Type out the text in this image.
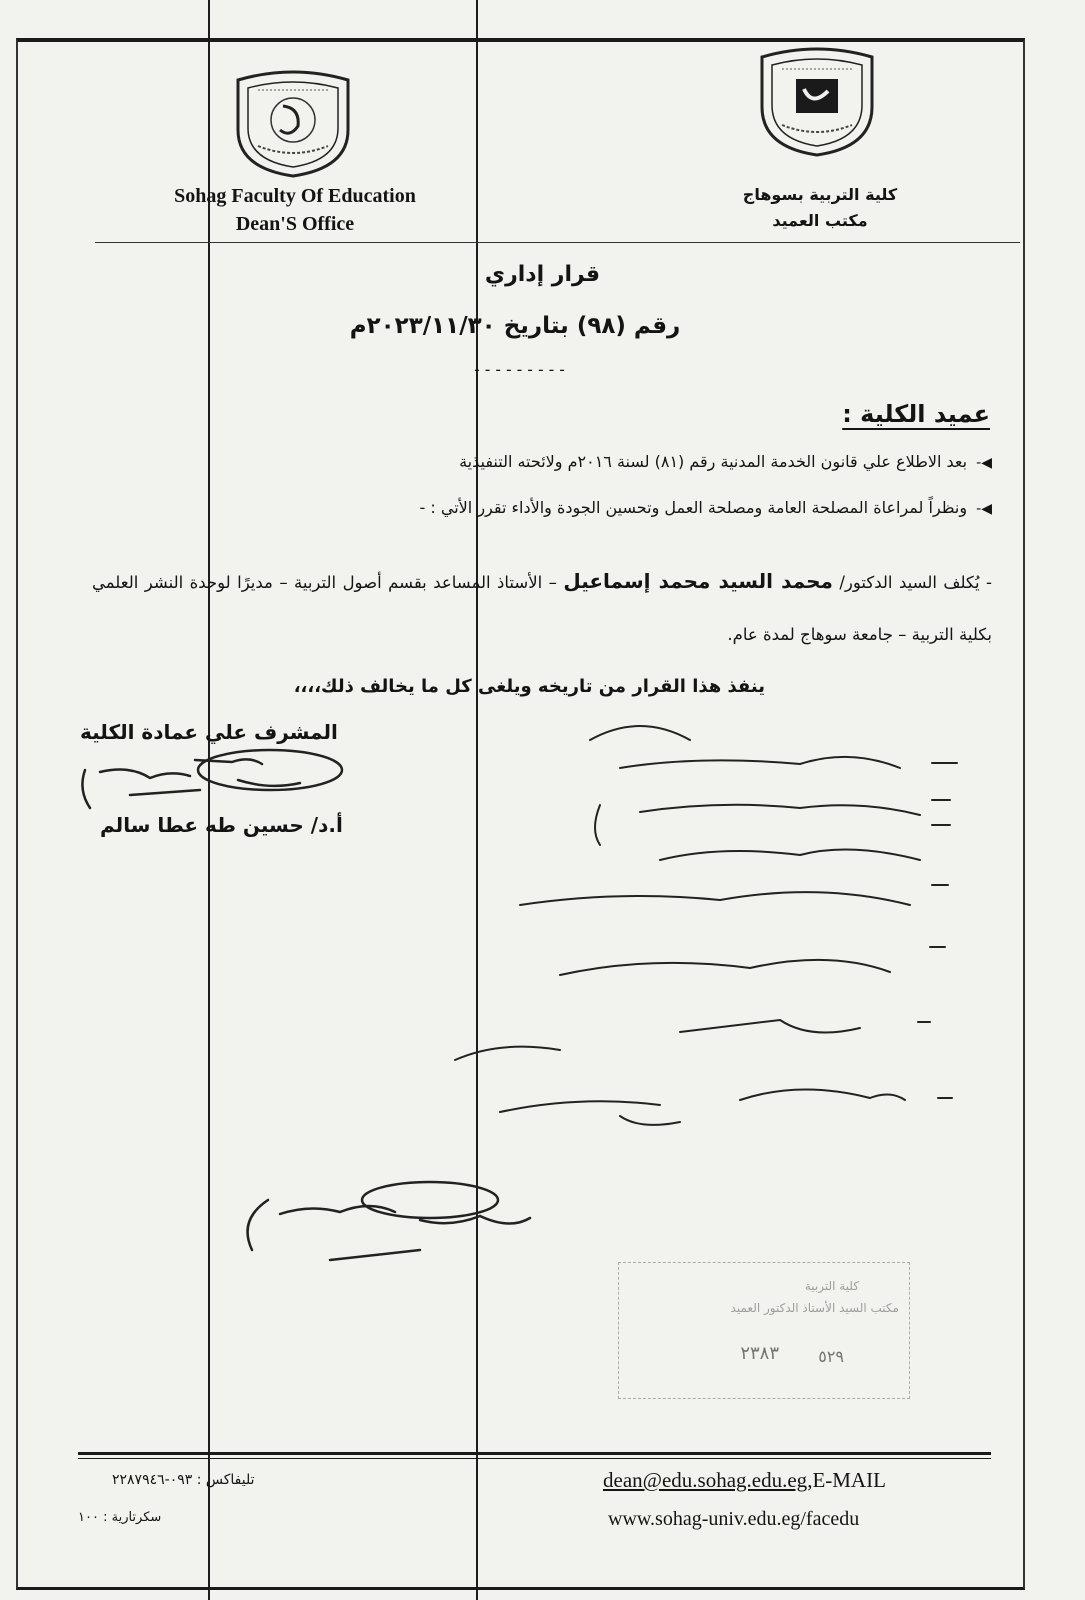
Sohag Faculty Of Education
Dean'S Office
كلية التربية بسوهاج
مكتب العميد
قرار إداري
رقم (٩٨) بتاريخ ٢٠٢٣/١١/٣٠م
---------
عميد الكلية :
◀- بعد الاطلاع علي قانون الخدمة المدنية رقم (٨١) لسنة ٢٠١٦م ولائحته التنفيذية
◀- ونظراً لمراعاة المصلحة العامة ومصلحة العمل وتحسين الجودة والأداء تقرر الأتي : -
- يُكلف السيد الدكتور/ محمد السيد محمد إسماعيل – الأستاذ المساعد بقسم أصول التربية – مديرًا لوحدة النشر العلمي بكلية التربية – جامعة سوهاج لمدة عام.
ينفذ هذا القرار من تاريخه ويلغى كل ما يخالف ذلك،،،،
المشرف علي عمادة الكلية
أ.د/ حسين طه عطا سالم
كلية التربية
مكتب السيد الأستاذ الدكتور العميد
٢٣٨٣ ٥٢٩
dean@edu.sohag.edu.eg,E-MAIL
www.sohag-univ.edu.eg/facedu
تليفاكس : ٠٩٣-٢٢٨٧٩٤٦
سكرتارية : ١٠٠
